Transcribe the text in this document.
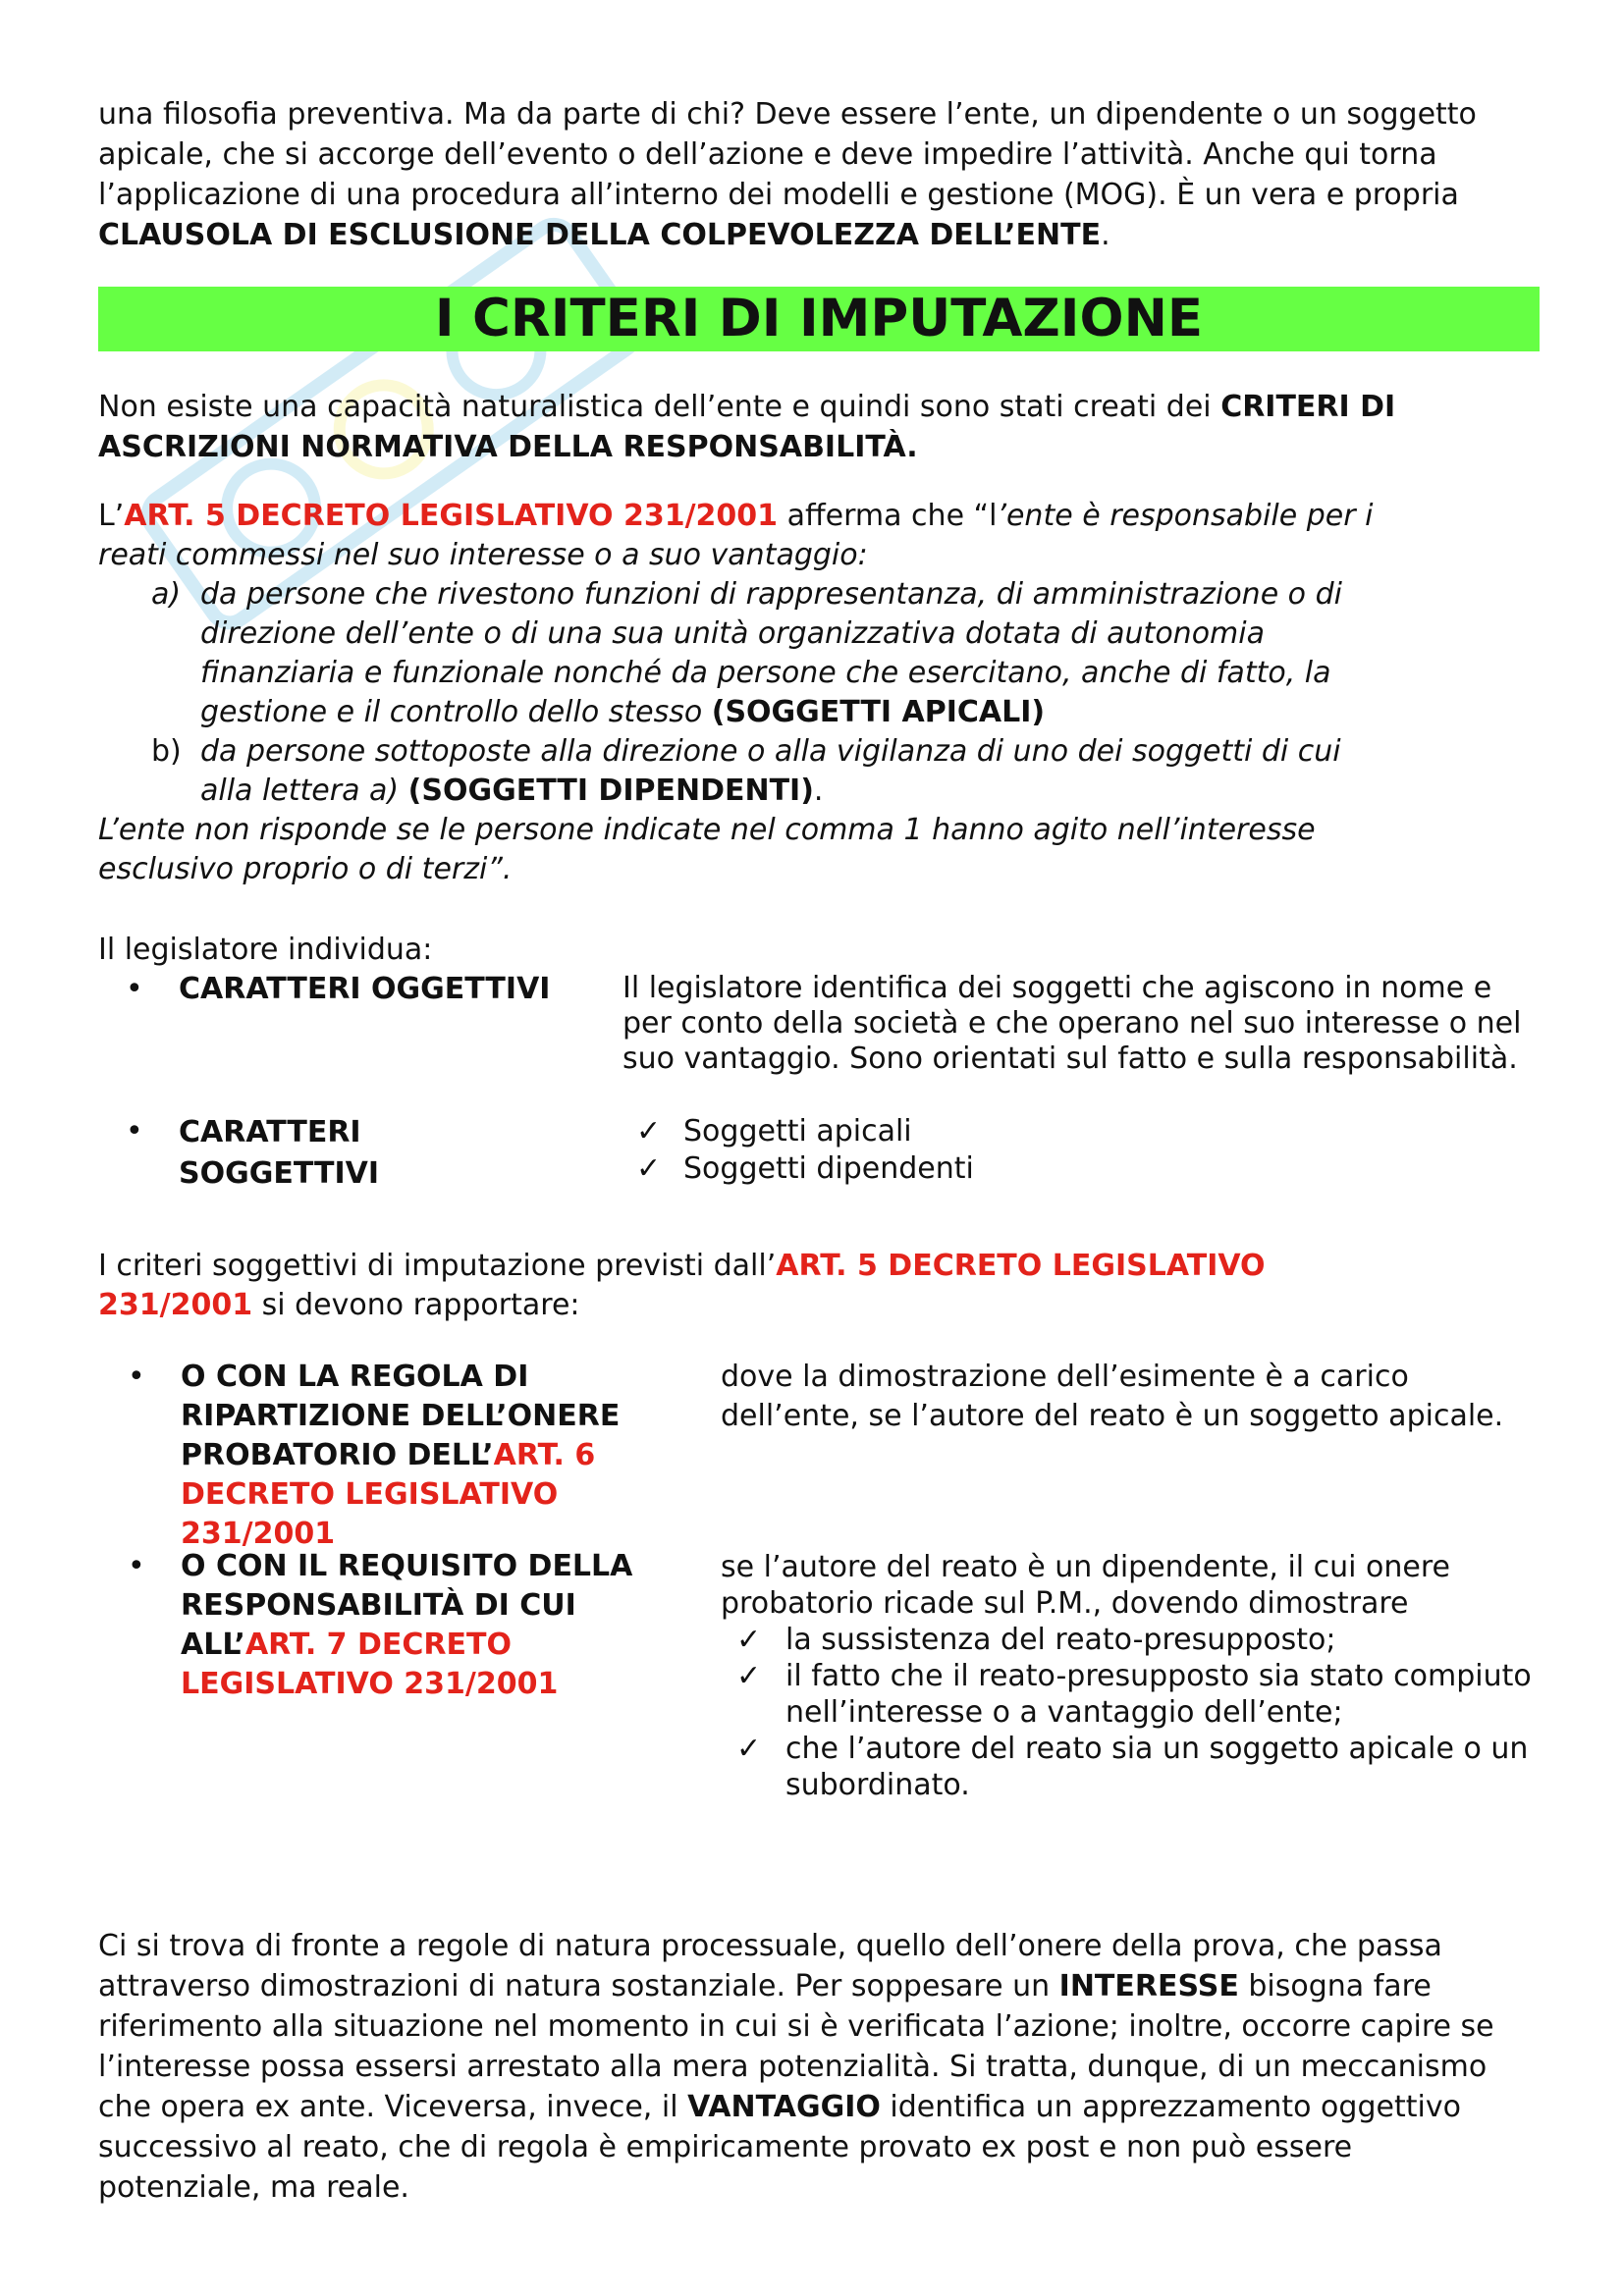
una filosofia preventiva. Ma da parte di chi? Deve essere l’ente, un dipendente o un soggetto

apicale, che si accorge dell’evento o dell’azione e deve impedire l’attività. Anche qui torna

l’applicazione di una procedura all’interno dei modelli e gestione (MOG). È un vera e propria

CLAUSOLA DI ESCLUSIONE DELLA COLPEVOLEZZA DELL’ENTE.

I CRITERI DI IMPUTAZIONE

Non esiste una capacità naturalistica dell’ente e quindi sono stati creati dei CRITERI DI

ASCRIZIONI NORMATIVA DELLA RESPONSABILITÀ.

L’ART. 5 DECRETO LEGISLATIVO 231/2001 afferma che “l’ente è responsabile per i

reati commessi nel suo interesse o a suo vantaggio:

a) da persone che rivestono funzioni di rappresentanza, di amministrazione o di

direzione dell’ente o di una sua unità organizzativa dotata di autonomia

finanziaria e funzionale nonché da persone che esercitano, anche di fatto, la

gestione e il controllo dello stesso (SOGGETTI APICALI)

b) da persone sottoposte alla direzione o alla vigilanza di uno dei soggetti di cui

alla lettera a) (SOGGETTI DIPENDENTI).

L’ente non risponde se le persone indicate nel comma 1 hanno agito nell’interesse

esclusivo proprio o di terzi”.

Il legislatore individua:
• CARATTERI OGGETTIVI Il legislatore identifica dei soggetti che agiscono in nome e

per conto della società e che operano nel suo interesse o nel

suo vantaggio. Sono orientati sul fatto e sulla responsabilità.

• CARATTERI

SOGGETTIVI

✓ Soggetti apicali
✓ Soggetti dipendenti

I criteri soggettivi di imputazione previsti dall’ART. 5 DECRETO LEGISLATIVO

231/2001 si devono rapportare:

• O CON LA REGOLA DI

RIPARTIZIONE DELL’ONERE

PROBATORIO DELL’ART. 6

DECRETO LEGISLATIVO

231/2001

dove la dimostrazione dell’esimente è a carico

dell’ente, se l’autore del reato è un soggetto apicale.

• O CON IL REQUISITO DELLA

RESPONSABILITÀ DI CUI

ALL’ART. 7 DECRETO

LEGISLATIVO 231/2001

se l’autore del reato è un dipendente, il cui onere

probatorio ricade sul P.M., dovendo dimostrare

✓ la sussistenza del reato-presupposto;

✓ il fatto che il reato-presupposto sia stato compiuto

nell’interesse o a vantaggio dell’ente;

✓ che l’autore del reato sia un soggetto apicale o un

subordinato.

Ci si trova di fronte a regole di natura processuale, quello dell’onere della prova, che passa

attraverso dimostrazioni di natura sostanziale. Per soppesare un INTERESSE bisogna fare

riferimento alla situazione nel momento in cui si è verificata l’azione; inoltre, occorre capire se

l’interesse possa essersi arrestato alla mera potenzialità. Si tratta, dunque, di un meccanismo

che opera ex ante. Viceversa, invece, il VANTAGGIO identifica un apprezzamento oggettivo

successivo al reato, che di regola è empiricamente provato ex post e non può essere

potenziale, ma reale.
